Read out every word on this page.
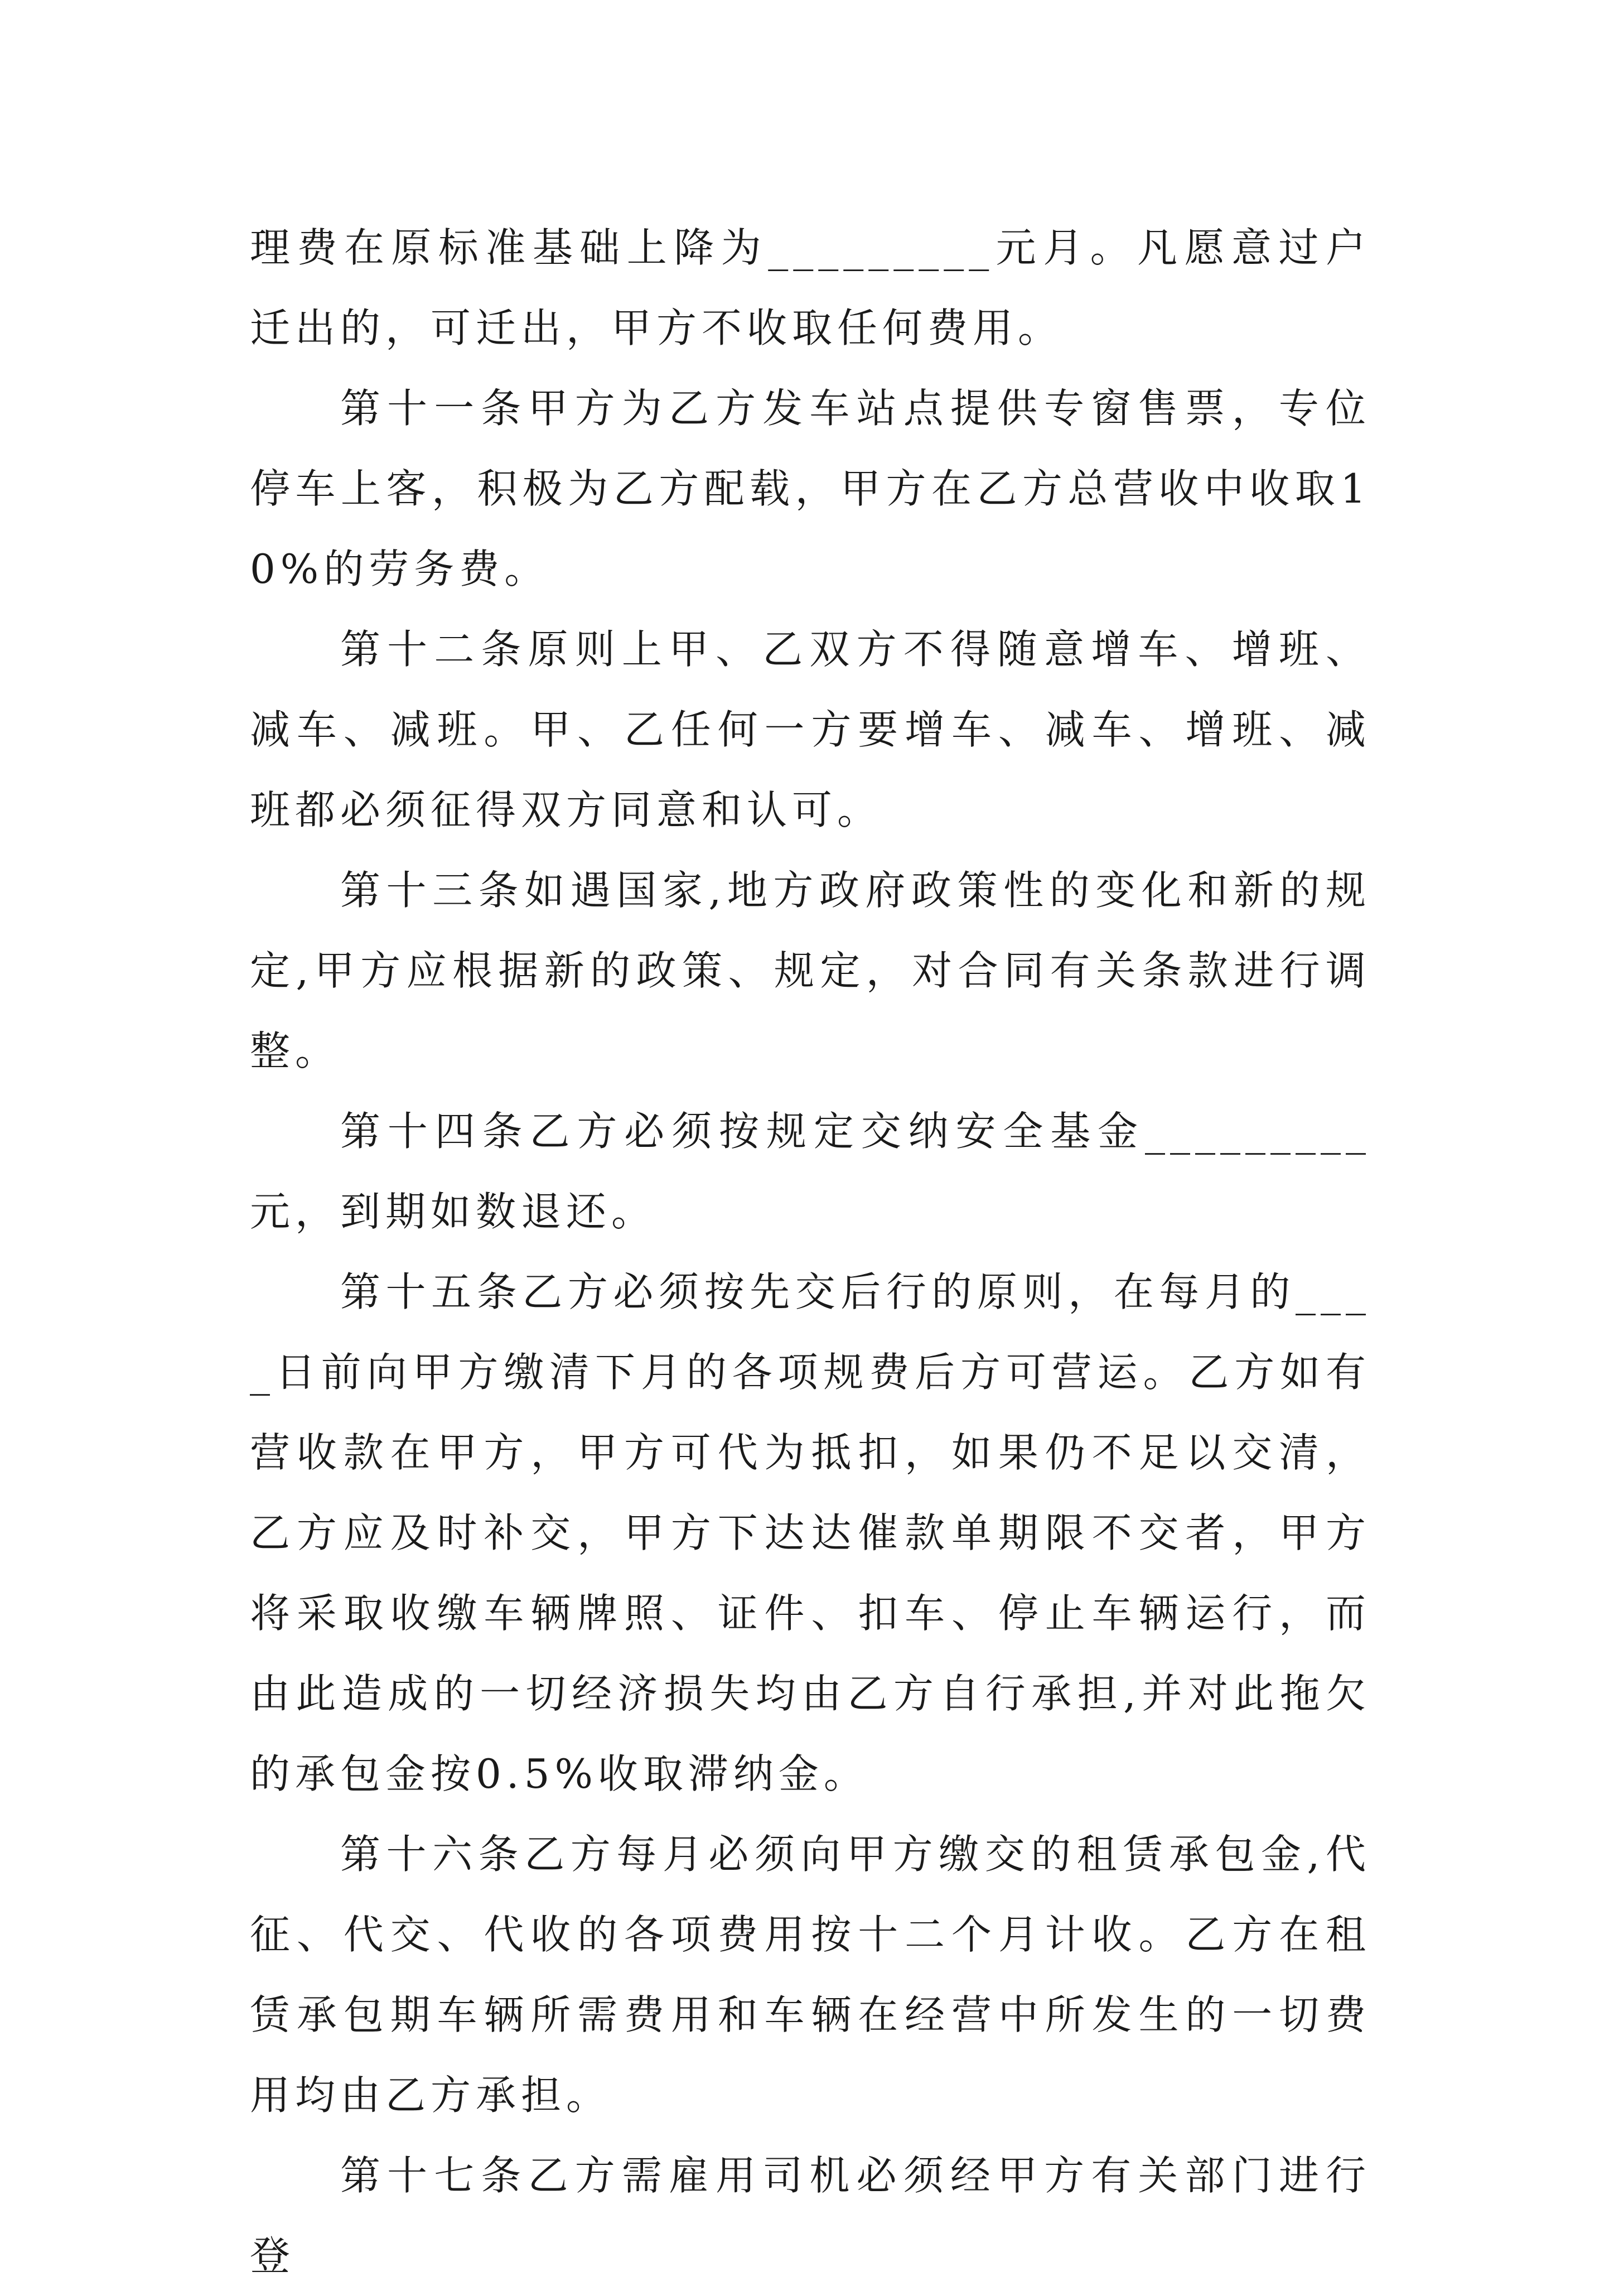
理费在原标准基础上降为_________元月。凡愿意过户迁出的，可迁出，甲方不收取任何费用。

第十一条甲方为乙方发车站点提供专窗售票，专位停车上客，积极为乙方配载，甲方在乙方总营收中收取10%的劳务费。

第十二条原则上甲、乙双方不得随意增车、增班、减车、减班。甲、乙任何一方要增车、减车、增班、减班都必须征得双方同意和认可。

第十三条如遇国家,地方政府政策性的变化和新的规定,甲方应根据新的政策、规定，对合同有关条款进行调整。

第十四条乙方必须按规定交纳安全基金_________元，到期如数退还。

第十五条乙方必须按先交后行的原则，在每月的____日前向甲方缴清下月的各项规费后方可营运。乙方如有营收款在甲方，甲方可代为抵扣，如果仍不足以交清，乙方应及时补交，甲方下达达催款单期限不交者，甲方将采取收缴车辆牌照、证件、扣车、停止车辆运行，而由此造成的一切经济损失均由乙方自行承担,并对此拖欠的承包金按0.5%收取滞纳金。

第十六条乙方每月必须向甲方缴交的租赁承包金,代征、代交、代收的各项费用按十二个月计收。乙方在租赁承包期车辆所需费用和车辆在经营中所发生的一切费用均由乙方承担。

第十七条乙方需雇用司机必须经甲方有关部门进行登
